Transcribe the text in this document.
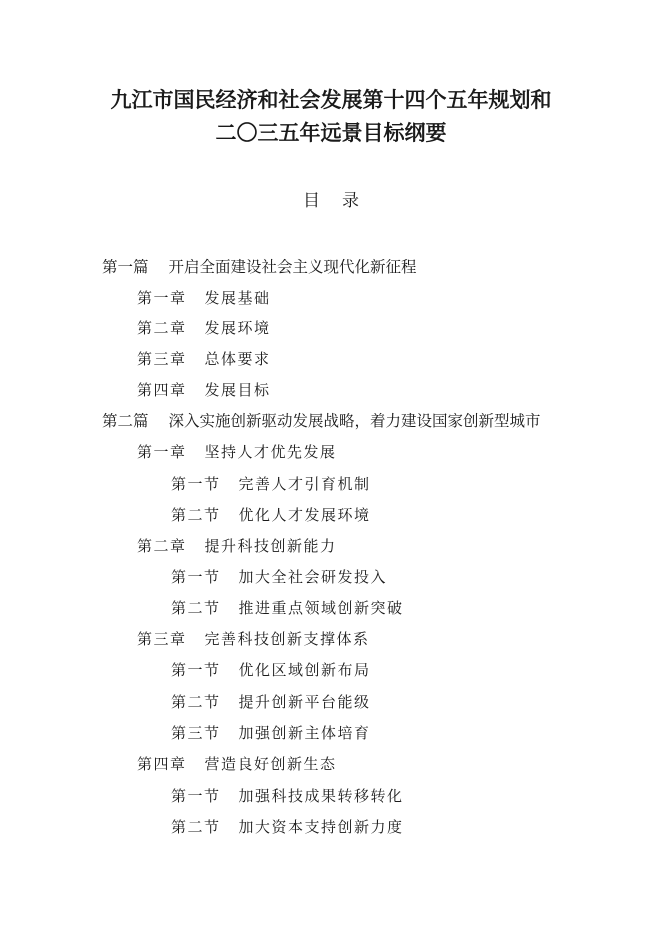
九江市国民经济和社会发展第十四个五年规划和
二〇三五年远景目标纲要
目 录
第一篇 开启全面建设社会主义现代化新征程
第一章 发展基础
第二章 发展环境
第三章 总体要求
第四章 发展目标
第二篇 深入实施创新驱动发展战略，着力建设国家创新型城市
第一章 坚持人才优先发展
第一节 完善人才引育机制
第二节 优化人才发展环境
第二章 提升科技创新能力
第一节 加大全社会研发投入
第二节 推进重点领域创新突破
第三章 完善科技创新支撑体系
第一节 优化区域创新布局
第二节 提升创新平台能级
第三节 加强创新主体培育
第四章 营造良好创新生态
第一节 加强科技成果转移转化
第二节 加大资本支持创新力度
